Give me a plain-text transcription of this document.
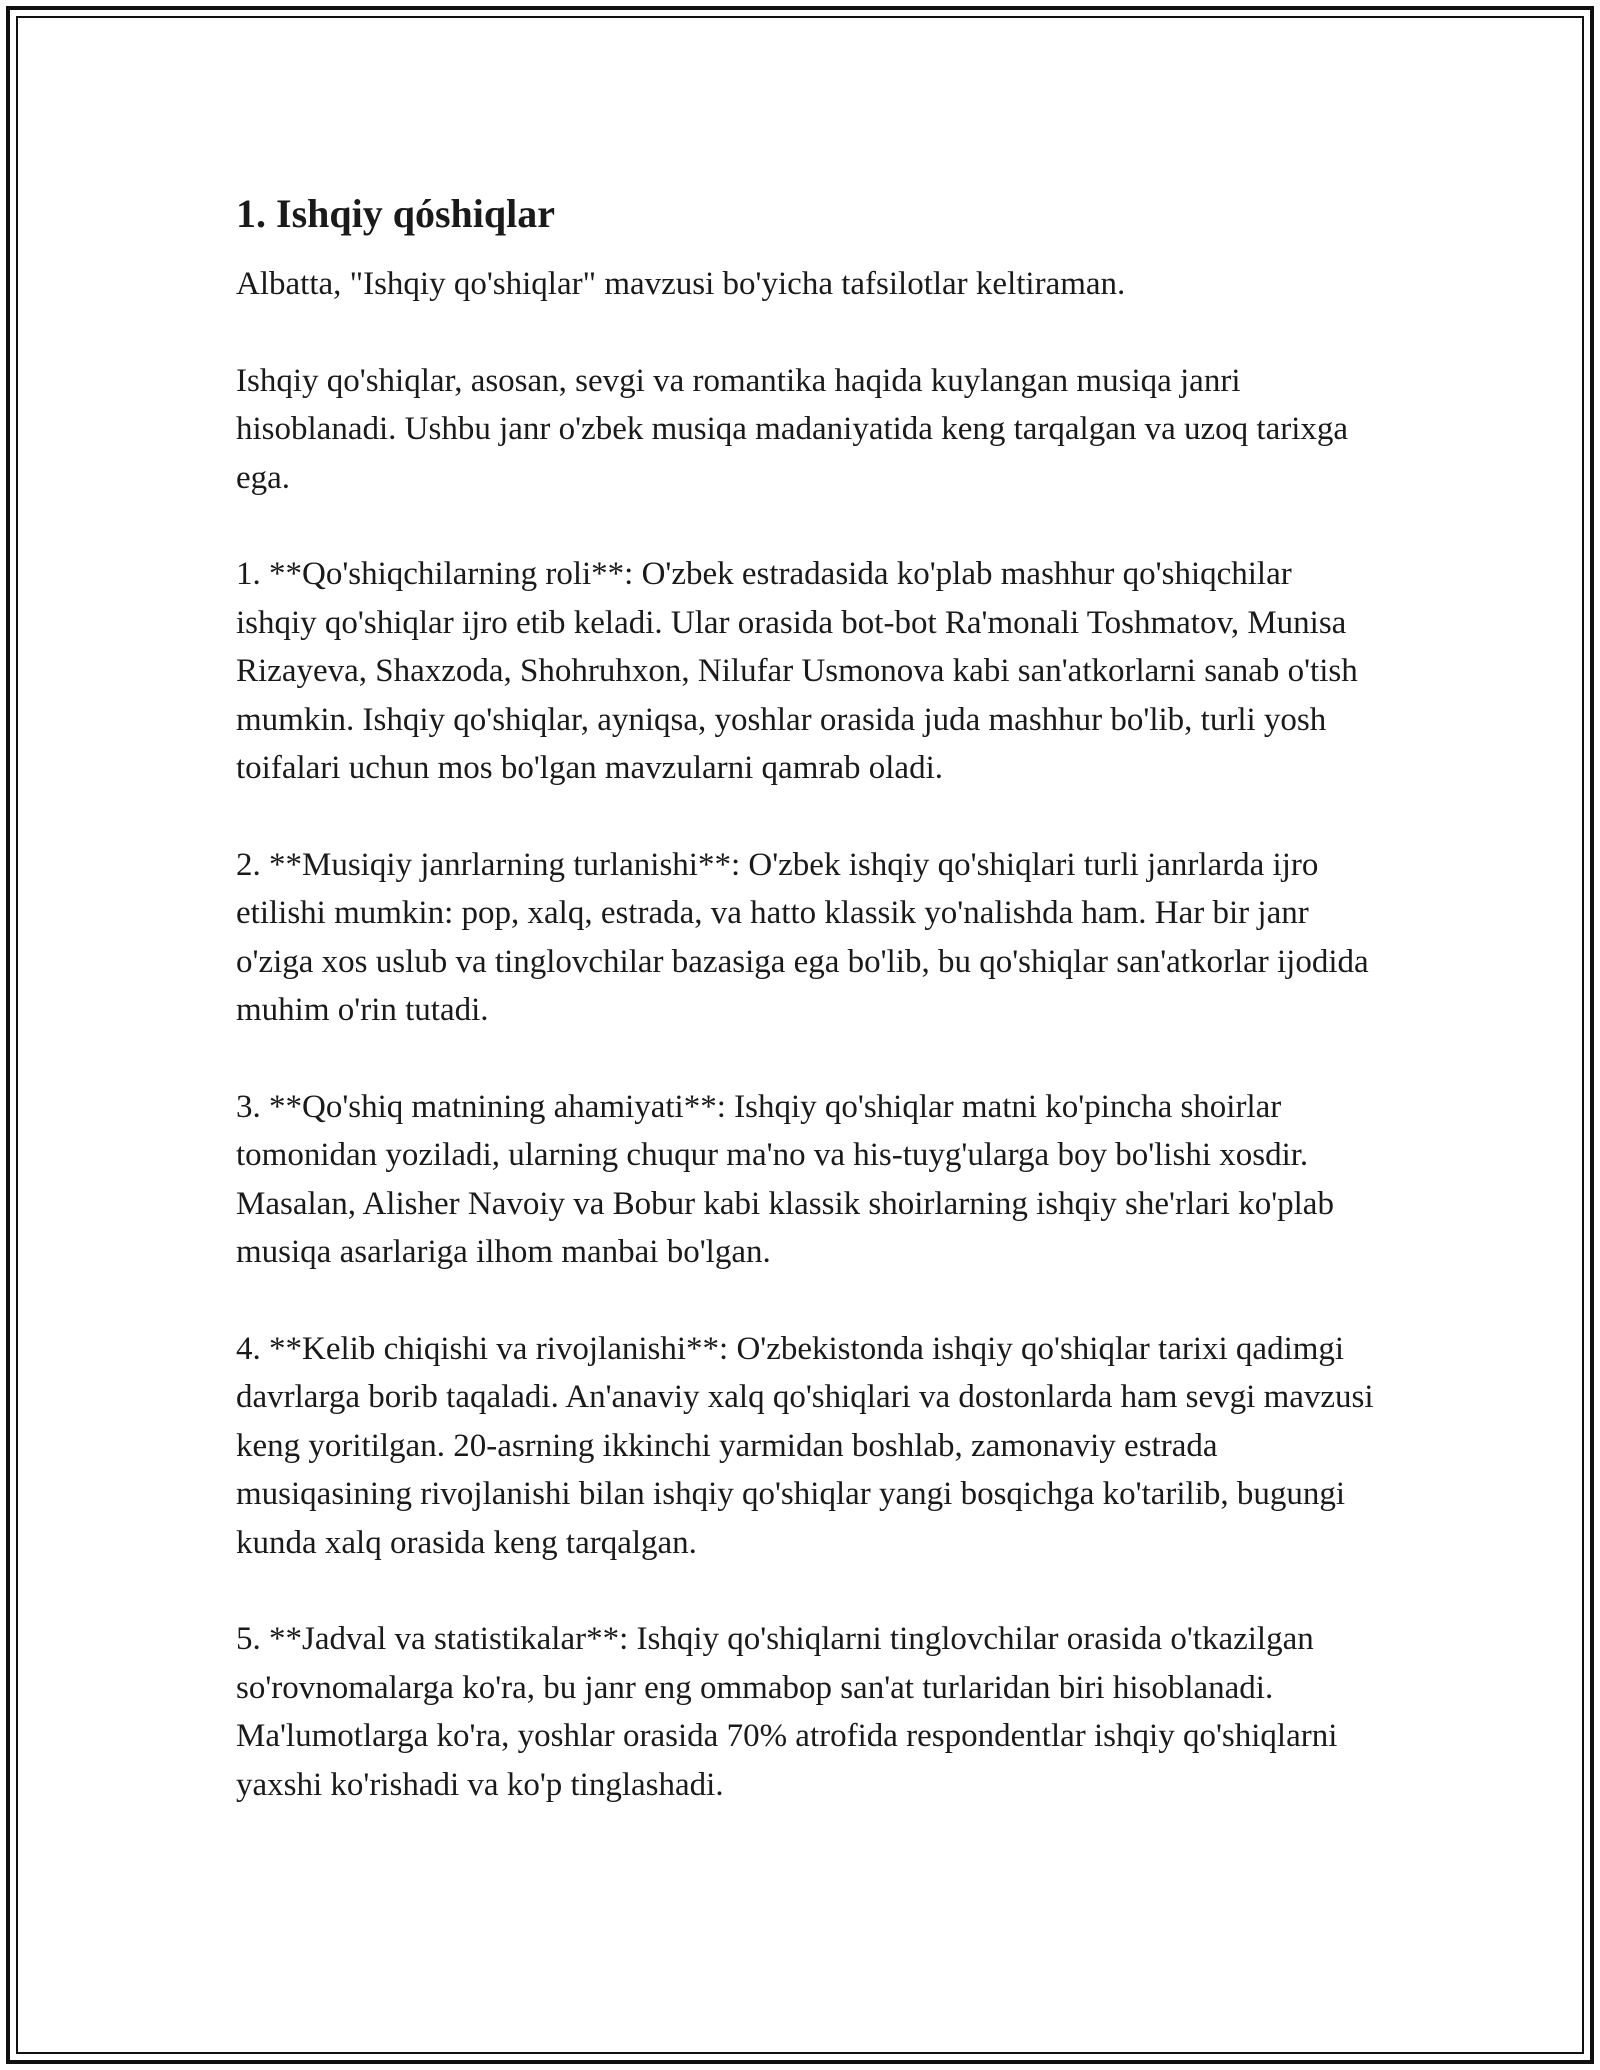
1. Ishqiy qóshiqlar

Albatta, "Ishqiy qo'shiqlar" mavzusi bo'yicha tafsilotlar keltiraman.

Ishqiy qo'shiqlar, asosan, sevgi va romantika haqida kuylangan musiqa janri hisoblanadi. Ushbu janr o'zbek musiqa madaniyatida keng tarqalgan va uzoq tarixga ega.

1. **Qo'shiqchilarning roli**: O'zbek estradasida ko'plab mashhur qo'shiqchilar ishqiy qo'shiqlar ijro etib keladi. Ular orasida bot-bot Ra'monali Toshmatov, Munisa Rizayeva, Shaxzoda, Shohruhxon, Nilufar Usmonova kabi san'atkorlarni sanab o'tish mumkin. Ishqiy qo'shiqlar, ayniqsa, yoshlar orasida juda mashhur bo'lib, turli yosh toifalari uchun mos bo'lgan mavzularni qamrab oladi.

2. **Musiqiy janrlarning turlanishi**: O'zbek ishqiy qo'shiqlari turli janrlarda ijro etilishi mumkin: pop, xalq, estrada, va hatto klassik yo'nalishda ham. Har bir janr o'ziga xos uslub va tinglovchilar bazasiga ega bo'lib, bu qo'shiqlar san'atkorlar ijodida muhim o'rin tutadi.

3. **Qo'shiq matnining ahamiyati**: Ishqiy qo'shiqlar matni ko'pincha shoirlar tomonidan yoziladi, ularning chuqur ma'no va his-tuyg'ularga boy bo'lishi xosdir. Masalan, Alisher Navoiy va Bobur kabi klassik shoirlarning ishqiy she'rlari ko'plab musiqa asarlariga ilhom manbai bo'lgan.

4. **Kelib chiqishi va rivojlanishi**: O'zbekistonda ishqiy qo'shiqlar tarixi qadimgi davrlarga borib taqaladi. An'anaviy xalq qo'shiqlari va dostonlarda ham sevgi mavzusi keng yoritilgan. 20-asrning ikkinchi yarmidan boshlab, zamonaviy estrada musiqasining rivojlanishi bilan ishqiy qo'shiqlar yangi bosqichga ko'tarilib, bugungi kunda xalq orasida keng tarqalgan.

5. **Jadval va statistikalar**: Ishqiy qo'shiqlarni tinglovchilar orasida o'tkazilgan so'rovnomalarga ko'ra, bu janr eng ommabop san'at turlaridan biri hisoblanadi. Ma'lumotlarga ko'ra, yoshlar orasida 70% atrofida respondentlar ishqiy qo'shiqlarni yaxshi ko'rishadi va ko'p tinglashadi.
